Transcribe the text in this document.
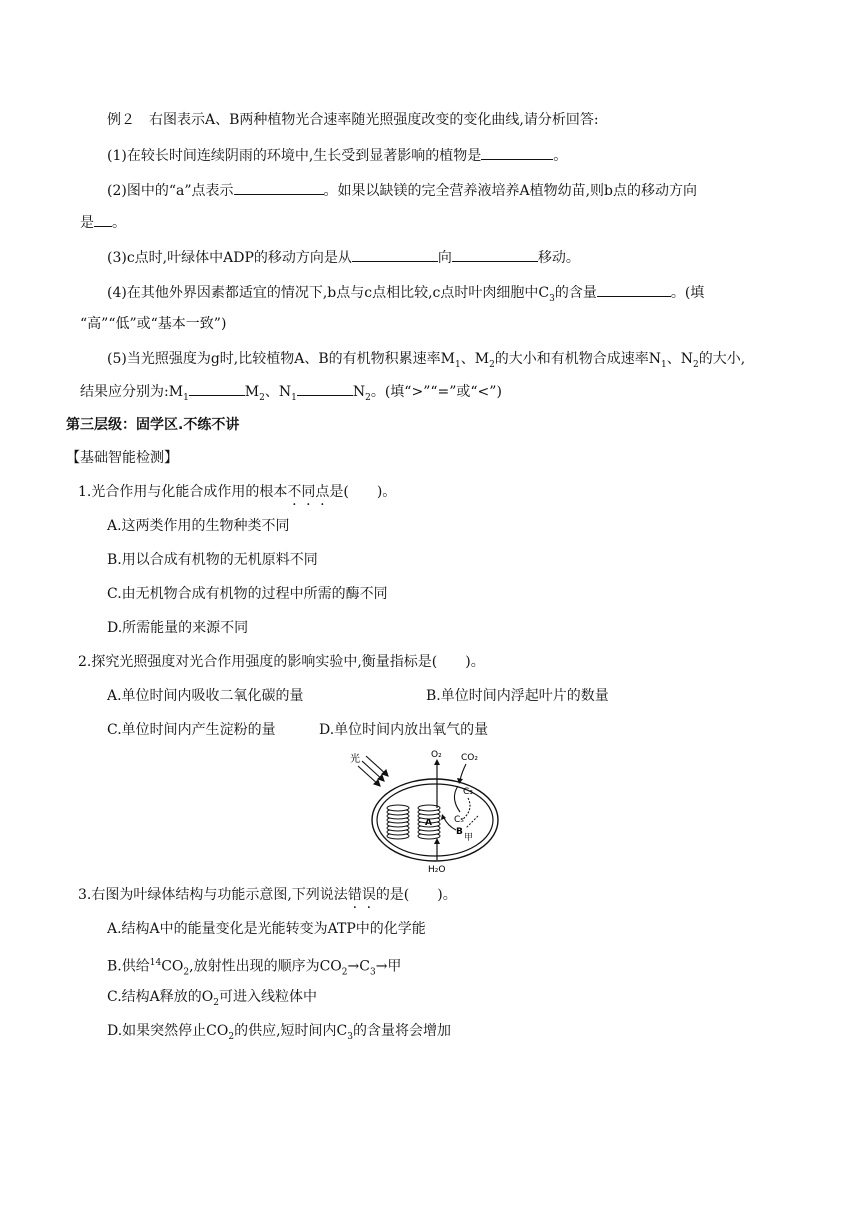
例２　右图表示A、B两种植物光合速率随光照强度改变的变化曲线,请分析回答:
(1)在较长时间连续阴雨的环境中,生长受到显著影响的植物是	。
(2)图中的“a”点表示	。如果以缺镁的完全营养液培养A植物幼苗,则b点的移动方向
是 。
(3)c点时,叶绿体中ADP的移动方向是从	向	移动。
(4)在其他外界因素都适宜的情况下,b点与c点相比较,c点时叶肉细胞中$C_3$的含量	。(填
“高”“低”或“基本一致”)
(5)当光照强度为g时,比较植物A、B的有机物积累速率$M_1$、$M_2$的大小和有机物合成速率$N_1$、$N_2$的大小,
结果应分别为$:M_1$	$M_2$、$N_1$	$N_2$。(填“>”“=”或“<”)
第三层级：固学区.不练不讲
【基础智能检测】
1.光合作用与化能合成作用的根本不同点是(　　)。
A.这两类作用的生物种类不同
B.用以合成有机物的无机原料不同
C.由无机物合成有机物的过程中所需的酶不同
D.所需能量的来源不同
2.探究光照强度对光合作用强度的影响实验中,衡量指标是(　　)。
A.单位时间内吸收二氧化碳的量	B.单位时间内浮起叶片的数量
C.单位时间内产生淀粉的量	D.单位时间内放出氧气的量
光
A
O₂ CO₂
C₃
C₅
B
甲
H₂O
3.右图为叶绿体结构与功能示意图,下列说法错误的是(　　)。
A.结构A中的能量变化是光能转变为ATP中的化学能
B.供给$^{14}CO_2$,放射性出现的顺序为$CO_2\to C_3\to$甲
C.结构A释放的$O_2$可进入线粒体中
D.如果突然停止$CO_2$的供应,短时间内$C_3$的含量将会增加
